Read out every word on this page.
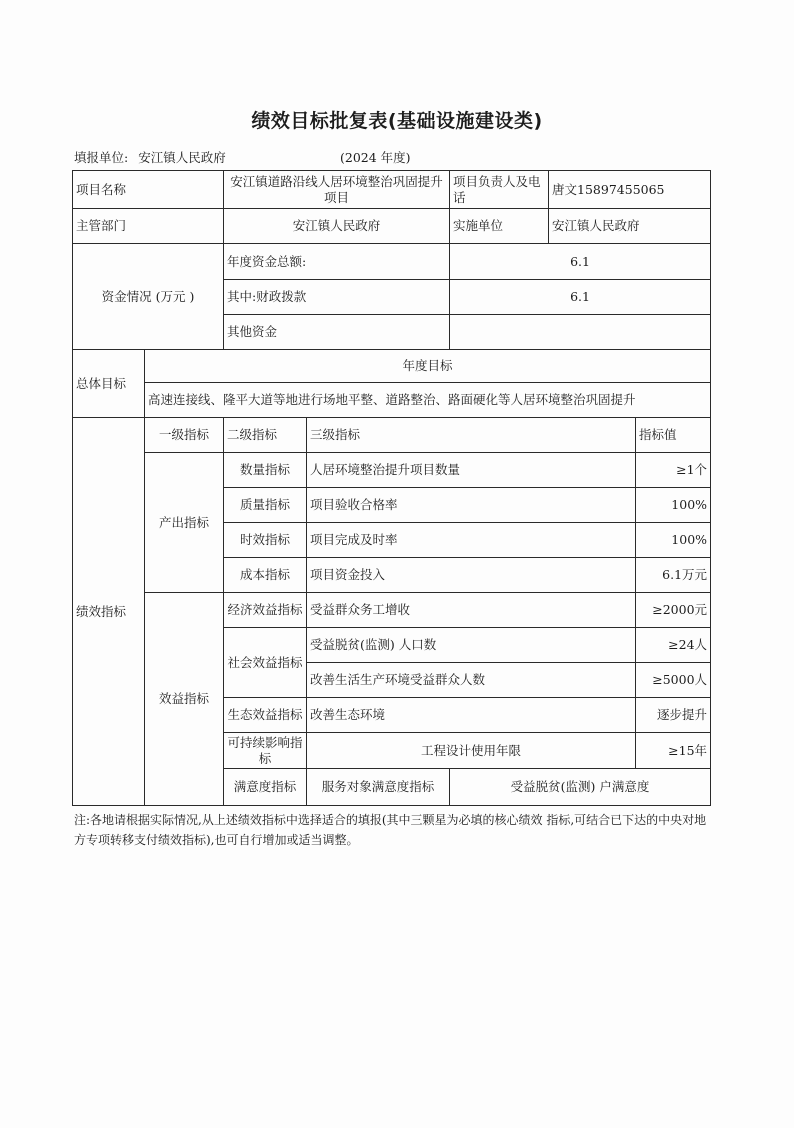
绩效目标批复表(基础设施建设类)
填报单位: 安江镇人民政府	(2024 年度)
项目名称		安江镇道路沿线人居环境整治巩固提升项目		项目负责人及电话	唐文15897455065		
主管部门		安江镇人民政府		实施单位	安江镇人民政府		
资金情况 (万元 )		年度资金总额:		6.1			
		其中:财政拨款		6.1			
		其他资金					
总体目标	年度目标						
	高速连接线、隆平大道等地进行场地平整、道路整治、路面硬化等人居环境整治巩固提升						
绩效指标	一级指标	二级指标	三级指标			指标值	
	产出指标	数量指标	人居环境整治提升项目数量			≥1个	
		质量指标	项目验收合格率			100%	
		时效指标	项目完成及时率			100%	
		成本指标	项目资金投入			6.1万元	
	效益指标	经济效益指标	受益群众务工增收			≥2000元	
		社会效益指标	受益脱贫(监测) 人口数			≥24人	
			改善生活生产环境受益群众人数			≥5000人	
		生态效益指标	改善生态环境			逐步提升	
		可持续影响指标	工程设计使用年限			≥15年	
		满意度指标	服务对象满意度指标	受益脱贫(监测) 户满意度	
注:各地请根据实际情况,从上述绩效指标中选择适合的填报(其中三颗星为必填的核心绩效 指标,可结合已下达的中央对地方专项转移支付绩效指标),也可自行增加或适当调整。
